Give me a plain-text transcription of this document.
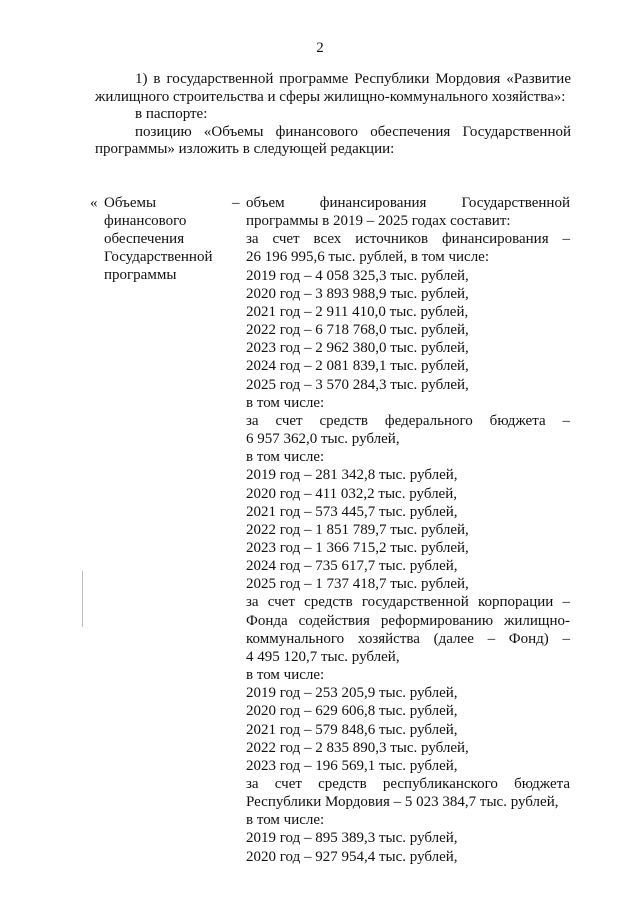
2

1) в государственной программе Республики Мордовия «Развитие

жилищного строительства и сферы жилищно-коммунального хозяйства»:

в паспорте:

позицию «Объемы финансового обеспечения Государственной

программы» изложить в следующей редакции:

« Объемы
финансового
обеспечения
Государственной
программы
– объем финансирования Государственной
программы в 2019 – 2025 годах составит:
за счет всех источников финансирования –
26 196 995,6 тыс. рублей, в том числе:
2019 год – 4 058 325,3 тыс. рублей,
2020 год – 3 893 988,9 тыс. рублей,
2021 год – 2 911 410,0 тыс. рублей,
2022 год – 6 718 768,0 тыс. рублей,
2023 год – 2 962 380,0 тыс. рублей,
2024 год – 2 081 839,1 тыс. рублей,
2025 год – 3 570 284,3 тыс. рублей,
в том числе:
за счет средств федерального бюджета –
6 957 362,0 тыс. рублей,
в том числе:
2019 год – 281 342,8 тыс. рублей,
2020 год – 411 032,2 тыс. рублей,
2021 год – 573 445,7 тыс. рублей,
2022 год – 1 851 789,7 тыс. рублей,
2023 год – 1 366 715,2 тыс. рублей,
2024 год – 735 617,7 тыс. рублей,
2025 год – 1 737 418,7 тыс. рублей,
за счет средств государственной корпорации –
Фонда содействия реформированию жилищно-
коммунального хозяйства (далее – Фонд) –
4 495 120,7 тыс. рублей,
в том числе:
2019 год – 253 205,9 тыс. рублей,
2020 год – 629 606,8 тыс. рублей,
2021 год – 579 848,6 тыс. рублей,
2022 год – 2 835 890,3 тыс. рублей,
2023 год – 196 569,1 тыс. рублей,
за счет средств республиканского бюджета
Республики Мордовия – 5 023 384,7 тыс. рублей,
в том числе:
2019 год – 895 389,3 тыс. рублей,
2020 год – 927 954,4 тыс. рублей,
